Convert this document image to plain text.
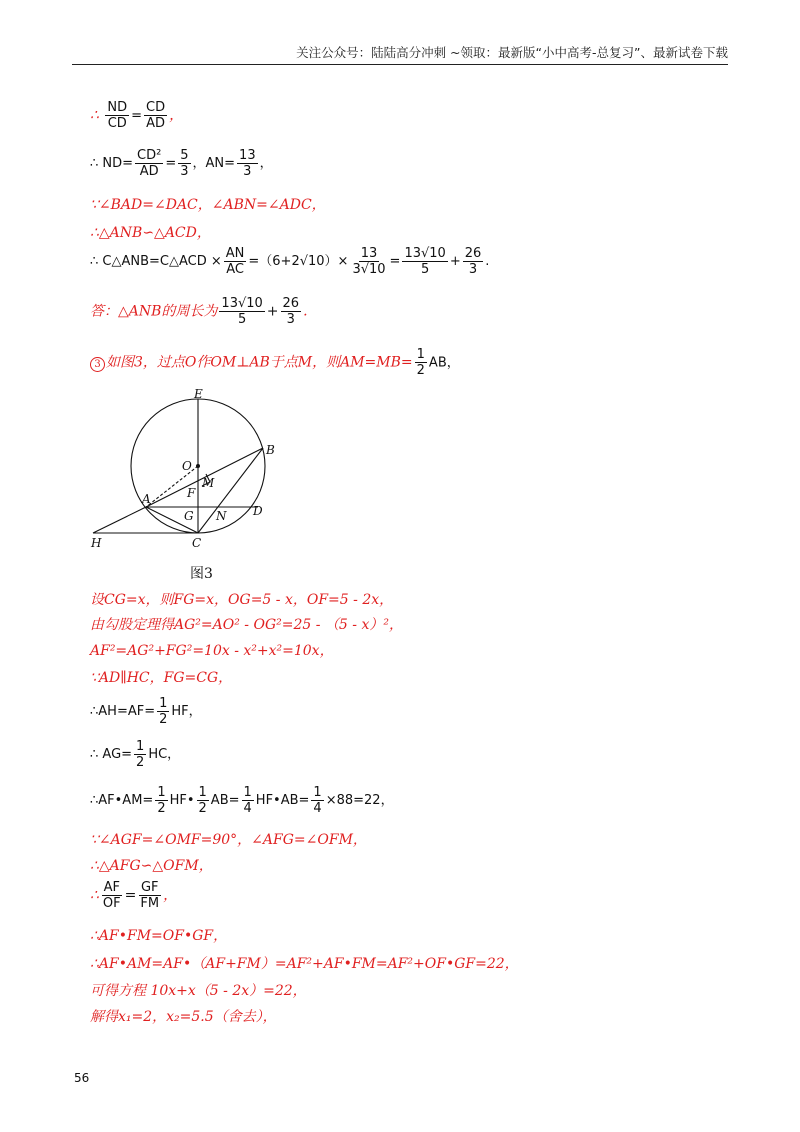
关注公众号：陆陆高分冲刺 ~领取：最新版“小中高考-总复习”、最新试卷下载
∴ $\frac{ND}{CD} = \frac{CD}{AD}$ ，
∴ $ND= \frac{\text{CD²}}{AD} = \frac{5}{3}$ ，$AN= \frac{13}{3}$ ，
∵∠BAD=∠DAC，∠ABN=∠ADC，
∴△ANB∽△ACD，
∴ C△ANB=C△ACD × $\frac{AN}{AC} =(6+2√10)\times \frac{13}{3√10} = \frac{13√10}{5} + \frac{26}{3}$ .
答：△ANB的周长为 $\frac{13√10}{5} + \frac{26}{3}$ .
3 如图3，过点O作OM⊥AB于点M，则$AM=MB= \frac{1}{2}$ AB，
E
B
O
M
F
A
G N D
H	C
图3
设CG=x，则FG=x，OG=5 - x，OF=5 - 2x，
由勾股定理得AG²=AO² - OG²=25 - （5 - x）²，
AF²=AG²+FG²=10x - x²+x²=10x，
∵AD∥HC，FG=CG，
∴AH=AF= $\frac{1}{2}$ HF，
∴ $AG= \frac{1}{2}$ HC，
∴AF•AM= $\frac{1}{2}$ HF• $\frac{1}{2} AB= \frac{1}{4}$ HF•AB= $\frac{1}{4} \times 88=22$，
∵∠AGF=∠OMF=90°，∠AFG=∠OFM，
∴△AFG∽△OFM，
∴ $\frac{AF}{OF} = \frac{GF}{FM}$ ，
∴AF•FM=OF•GF，
∴AF•AM=AF•（AF+FM）=AF²+AF•FM=AF²+OF•GF=22，
可得方程 10x+x（5 - 2x）=22，
解得x₁=2，x₂=5.5（舍去），
56
